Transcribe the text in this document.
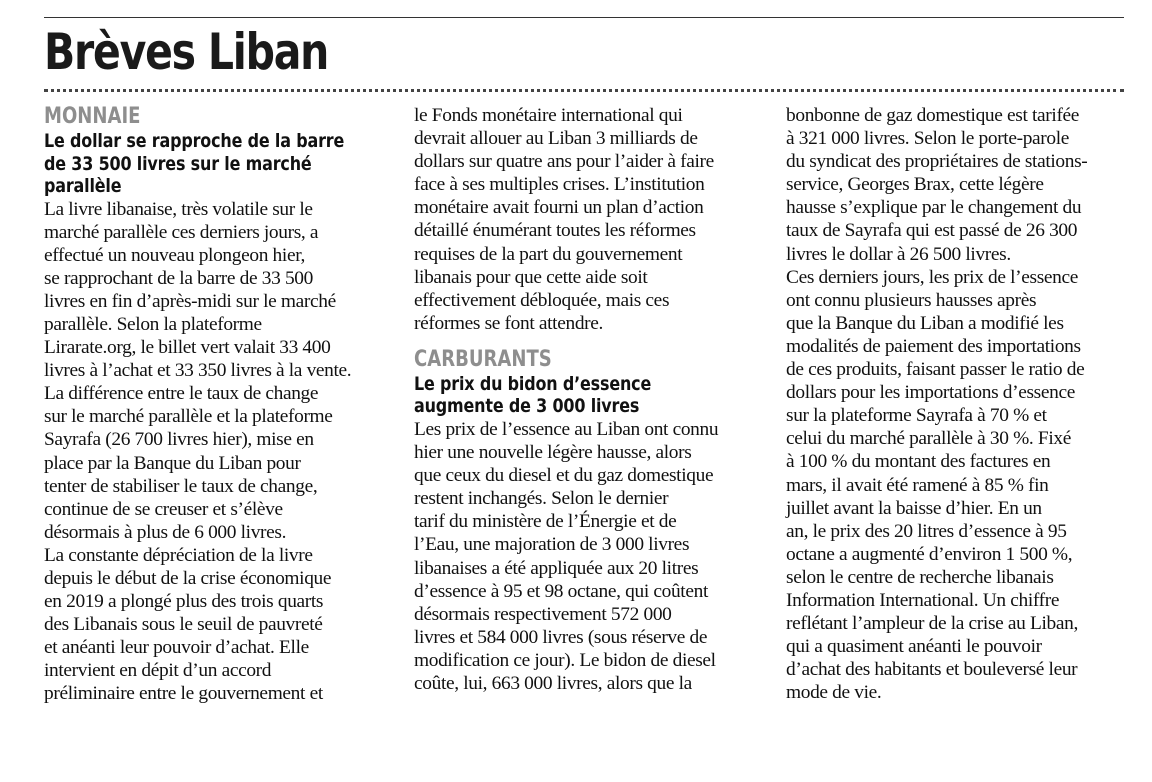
Brèves Liban
MONNAIE
Le dollar se rapproche de la barre
de 33 500 livres sur le marché
parallèle
La livre libanaise, très volatile sur le
marché parallèle ces derniers jours, a
effectué un nouveau plongeon hier,
se rapprochant de la barre de 33 500
livres en fin d’après-midi sur le marché
parallèle. Selon la plateforme
Lirarate.org, le billet vert valait 33 400
livres à l’achat et 33 350 livres à la vente.
La différence entre le taux de change
sur le marché parallèle et la plateforme
Sayrafa (26 700 livres hier), mise en
place par la Banque du Liban pour
tenter de stabiliser le taux de change,
continue de se creuser et s’élève
désormais à plus de 6 000 livres.
La constante dépréciation de la livre
depuis le début de la crise économique
en 2019 a plongé plus des trois quarts
des Libanais sous le seuil de pauvreté
et anéanti leur pouvoir d’achat. Elle
intervient en dépit d’un accord
préliminaire entre le gouvernement et
le Fonds monétaire international qui
devrait allouer au Liban 3 milliards de
dollars sur quatre ans pour l’aider à faire
face à ses multiples crises. L’institution
monétaire avait fourni un plan d’action
détaillé énumérant toutes les réformes
requises de la part du gouvernement
libanais pour que cette aide soit
effectivement débloquée, mais ces
réformes se font attendre.
CARBURANTS
Le prix du bidon d’essence
augmente de 3 000 livres
Les prix de l’essence au Liban ont connu
hier une nouvelle légère hausse, alors
que ceux du diesel et du gaz domestique
restent inchangés. Selon le dernier
tarif du ministère de l’Énergie et de
l’Eau, une majoration de 3 000 livres
libanaises a été appliquée aux 20 litres
d’essence à 95 et 98 octane, qui coûtent
désormais respectivement 572 000
livres et 584 000 livres (sous réserve de
modification ce jour). Le bidon de diesel
coûte, lui, 663 000 livres, alors que la
bonbonne de gaz domestique est tarifée
à 321 000 livres. Selon le porte-parole
du syndicat des propriétaires de stations-
service, Georges Brax, cette légère
hausse s’explique par le changement du
taux de Sayrafa qui est passé de 26 300
livres le dollar à 26 500 livres.
Ces derniers jours, les prix de l’essence
ont connu plusieurs hausses après
que la Banque du Liban a modifié les
modalités de paiement des importations
de ces produits, faisant passer le ratio de
dollars pour les importations d’essence
sur la plateforme Sayrafa à 70 % et
celui du marché parallèle à 30 %. Fixé
à 100 % du montant des factures en
mars, il avait été ramené à 85 % fin
juillet avant la baisse d’hier. En un
an, le prix des 20 litres d’essence à 95
octane a augmenté d’environ 1 500 %,
selon le centre de recherche libanais
Information International. Un chiffre
reflétant l’ampleur de la crise au Liban,
qui a quasiment anéanti le pouvoir
d’achat des habitants et bouleversé leur
mode de vie.
